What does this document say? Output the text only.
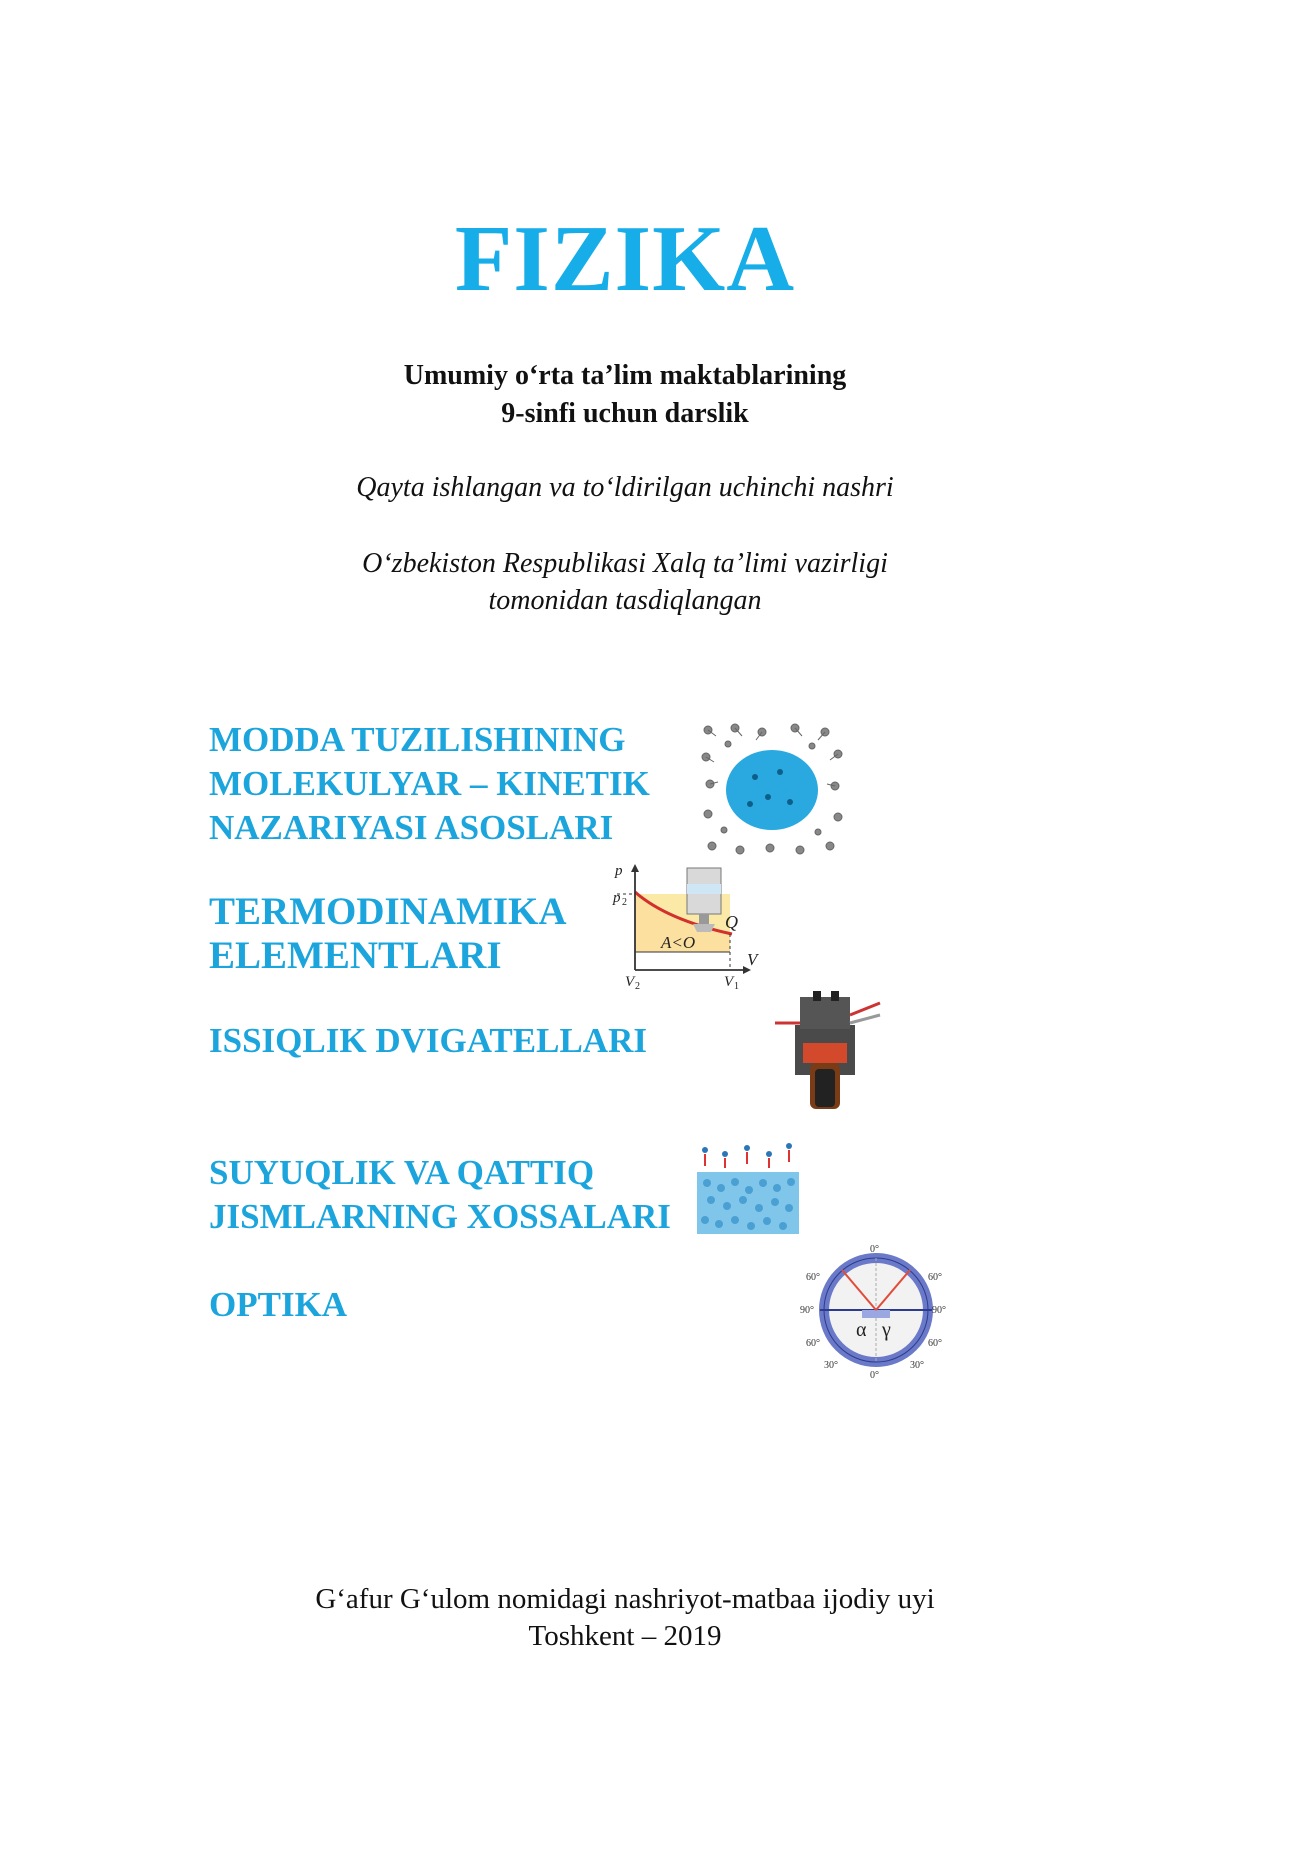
FIZIKA
Umumiy o‘rta ta’lim maktablarining
9-sinfi uchun darslik
Qayta ishlangan va to‘ldirilgan uchinchi nashri
O‘zbekiston Respublikasi Xalq ta’limi vazirligi
tomonidan tasdiqlangan
MODDA TUZILISHINING
MOLEKULYAR – KINETIK
NAZARIYASI ASOSLARI
TERMODINAMIKA
ELEMENTLARI
ISSIQLIK DVIGATELLARI
SUYUQLIK VA QATTIQ
JISMLARNING XOSSALARI
OPTIKA
p
p 2
Q
A<O
V
V 2	V 1
0°
0°
60°	60°
90°	90°
60°	60°
30°	30°
α γ
G‘afur G‘ulom nomidagi nashriyot-matbaa ijodiy uyi
Toshkent – 2019
